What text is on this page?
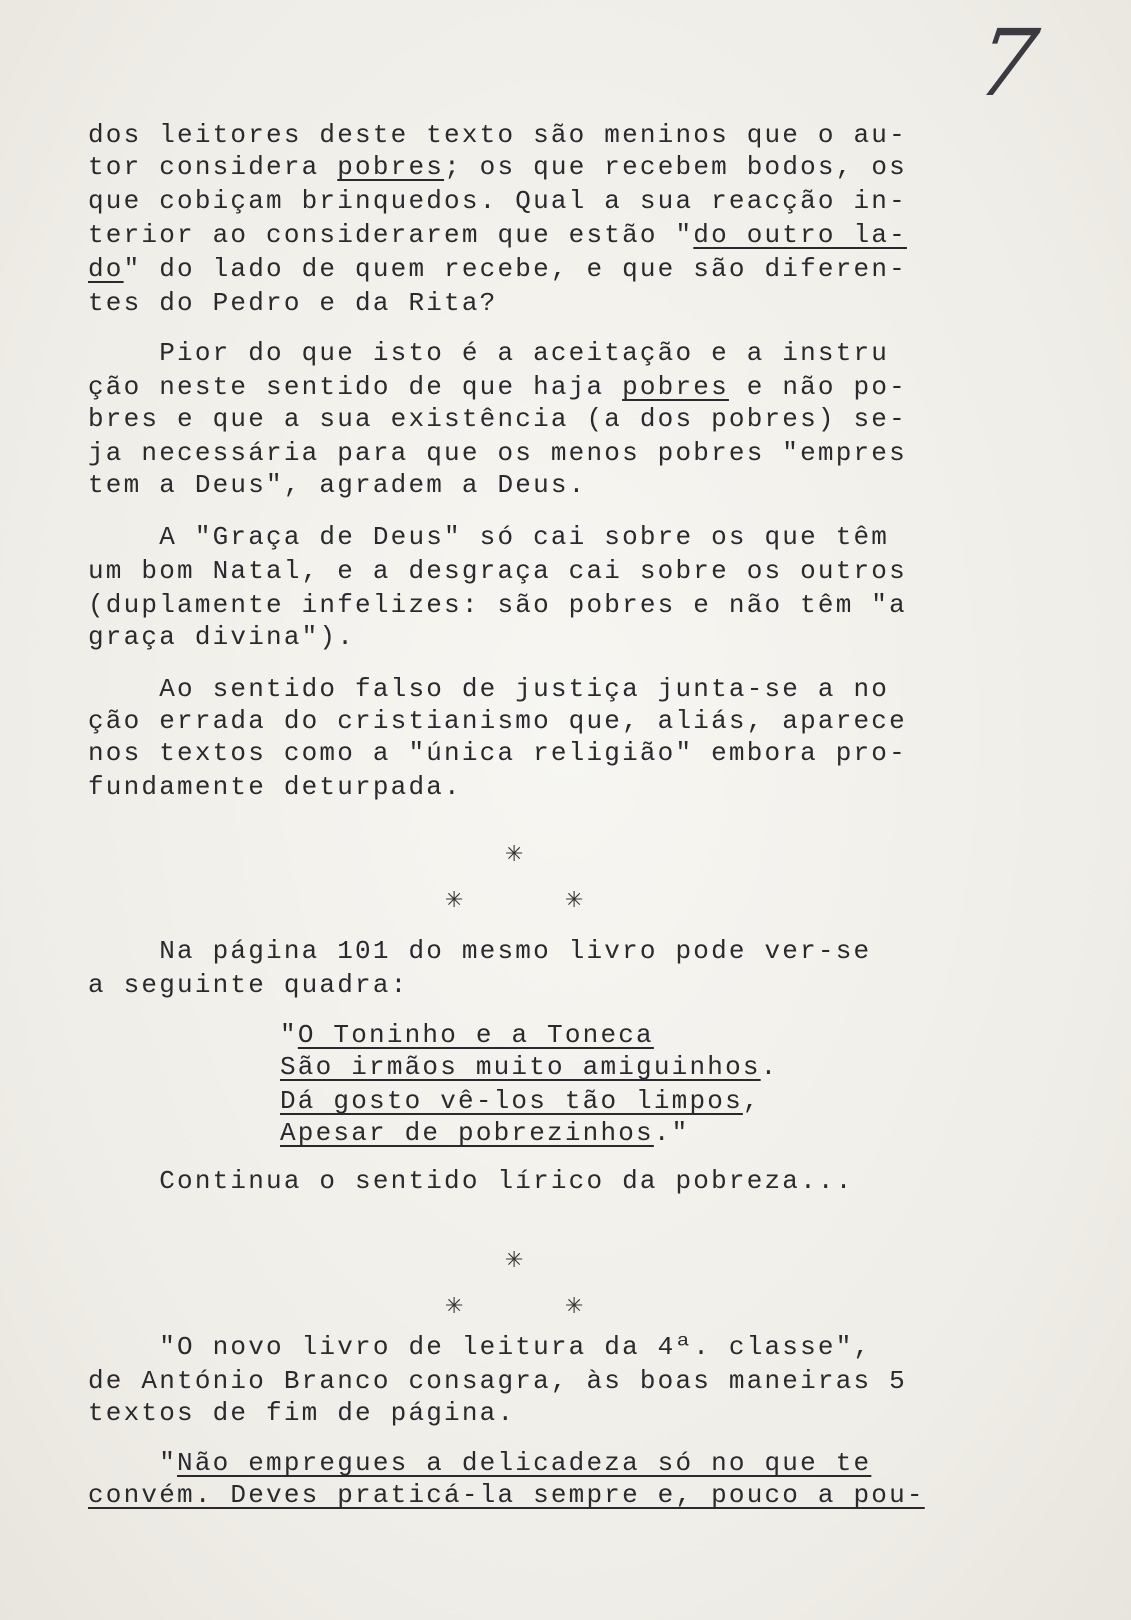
7
dos leitores deste texto são meninos que o au-
tor considera pobres; os que recebem bodos, os
que cobiçam brinquedos. Qual a sua reacção in-
terior ao considerarem que estão "do outro la-
do" do lado de quem recebe, e que são diferen-
tes do Pedro e da Rita?
Pior do que isto é a aceitação e a instru
ção neste sentido de que haja pobres e não po-
bres e que a sua existência (a dos pobres) se-
ja necessária para que os menos pobres "empres
tem a Deus", agradem a Deus.
A "Graça de Deus" só cai sobre os que têm
um bom Natal, e a desgraça cai sobre os outros
(duplamente infelizes: são pobres e não têm "a
graça divina").
Ao sentido falso de justiça junta-se a no
ção errada do cristianismo que, aliás, aparece
nos textos como a "única religião" embora pro-
fundamente deturpada.
Na página 101 do mesmo livro pode ver-se
a seguinte quadra:
"O Toninho e a Toneca
São irmãos muito amiguinhos.
Dá gosto vê-los tão limpos,
Apesar de pobrezinhos."
Continua o sentido lírico da pobreza...
"O novo livro de leitura da 4ª. classe",
de António Branco consagra, às boas maneiras 5
textos de fim de página.
"Não empregues a delicadeza só no que te
convém. Deves praticá-la sempre e, pouco a pou-
✳
✳	✳
✳
✳	✳
